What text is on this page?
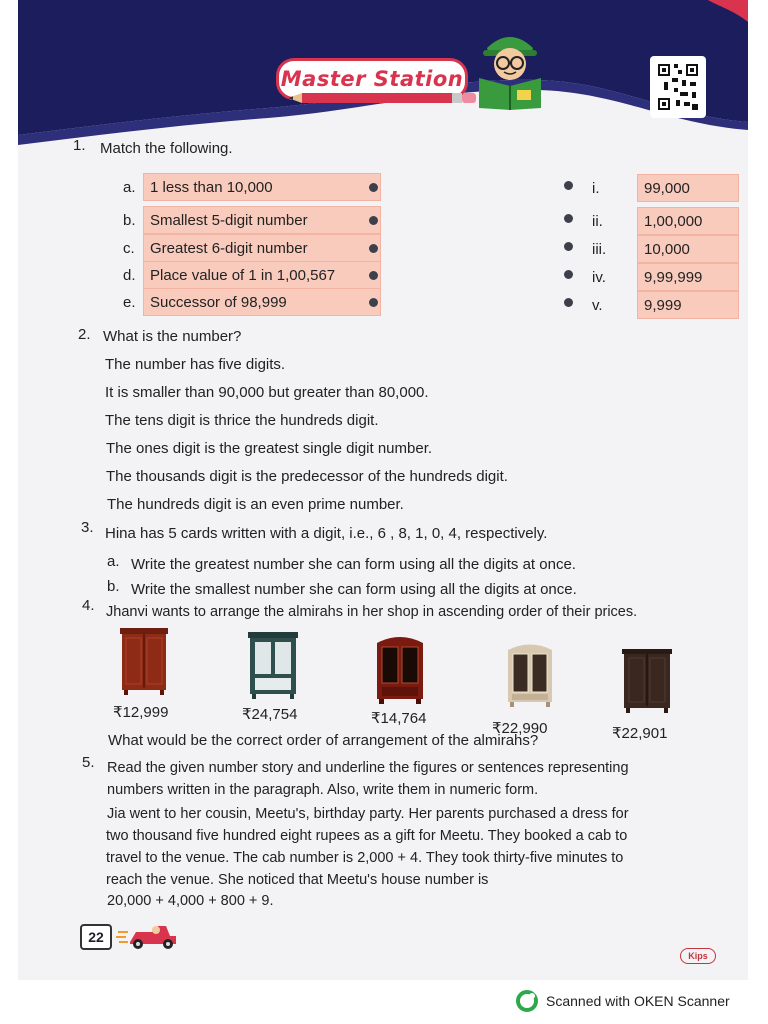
Master Station
1. Match the following.
a. 1 less than 10,000
b. Smallest 5-digit number
c.	Greatest 6-digit number
d. Place value of 1 in 1,00,567
e. Successor of 98,999
i.	99,000
ii.	1,00,000
iii.	10,000
iv.	9,99,999
v.	9,999
2. What is the number?
The number has five digits.
It is smaller than 90,000 but greater than 80,000.
The tens digit is thrice the hundreds digit.
The ones digit is the greatest single digit number.
The thousands digit is the predecessor of the hundreds digit.
The hundreds digit is an even prime number.
3. Hina has 5 cards written with a digit, i.e., 6 , 8, 1, 0, 4, respectively.
a. Write the greatest number she can form using all the digits at once.
b. Write the smallest number she can form using all the digits at once.
4. Jhanvi wants to arrange the almirahs in her shop in ascending order of their prices.
₹12,999	₹24,754	₹14,764
₹22,990	₹22,901
What would be the correct order of arrangement of the almirahs?
5. Read the given number story and underline the figures or sentences representing
numbers written in the paragraph. Also, write them in numeric form.
Jia went to her cousin, Meetu's, birthday party. Her parents purchased a dress for
two thousand five hundred eight rupees as a gift for Meetu. They booked a cab to
travel to the venue. The cab number is 2,000 + 4. They took thirty-five minutes to
reach the venue. She noticed that Meetu's house number is
20,000 + 4,000 + 800 + 9.
22
Kips
Scanned with OKEN Scanner
